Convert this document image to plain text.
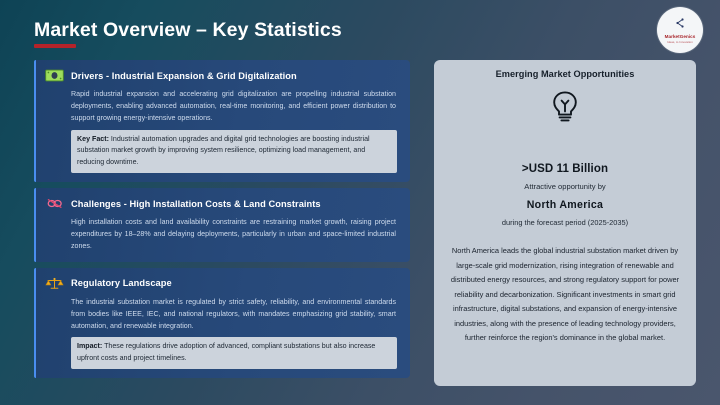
Market Overview – Key Statistics	MarketGenics
Ideas, to Innovation
Drivers - Industrial Expansion & Grid Digitalization
Rapid industrial expansion and accelerating grid digitalization are propelling industrial substation deployments, enabling advanced automation, real-time monitoring, and efficient power distribution to support growing energy-intensive operations.
Key Fact: Industrial automation upgrades and digital grid technologies are boosting industrial substation market growth by improving system resilience, optimizing load management, and reducing downtime.
Challenges - High Installation Costs & Land Constraints
High installation costs and land availability constraints are restraining market growth, raising project expenditures by 18–28% and delaying deployments, particularly in urban and space-limited industrial zones.
Regulatory Landscape
The industrial substation market is regulated by strict safety, reliability, and environmental standards from bodies like IEEE, IEC, and national regulators, with mandates emphasizing grid stability, smart automation, and renewable integration.
Impact: These regulations drive adoption of advanced, compliant substations but also increase upfront costs and project timelines.
Emerging Market Opportunities
>USD 11 Billion
Attractive opportunity by
North America
during the forecast period (2025-2035)
North America leads the global industrial substation market driven by large-scale grid modernization, rising integration of renewable and distributed energy resources, and strong regulatory support for power reliability and decarbonization. Significant investments in smart grid infrastructure, digital substations, and expansion of energy-intensive industries, along with the presence of leading technology providers, further reinforce the region's dominance in the global market.
